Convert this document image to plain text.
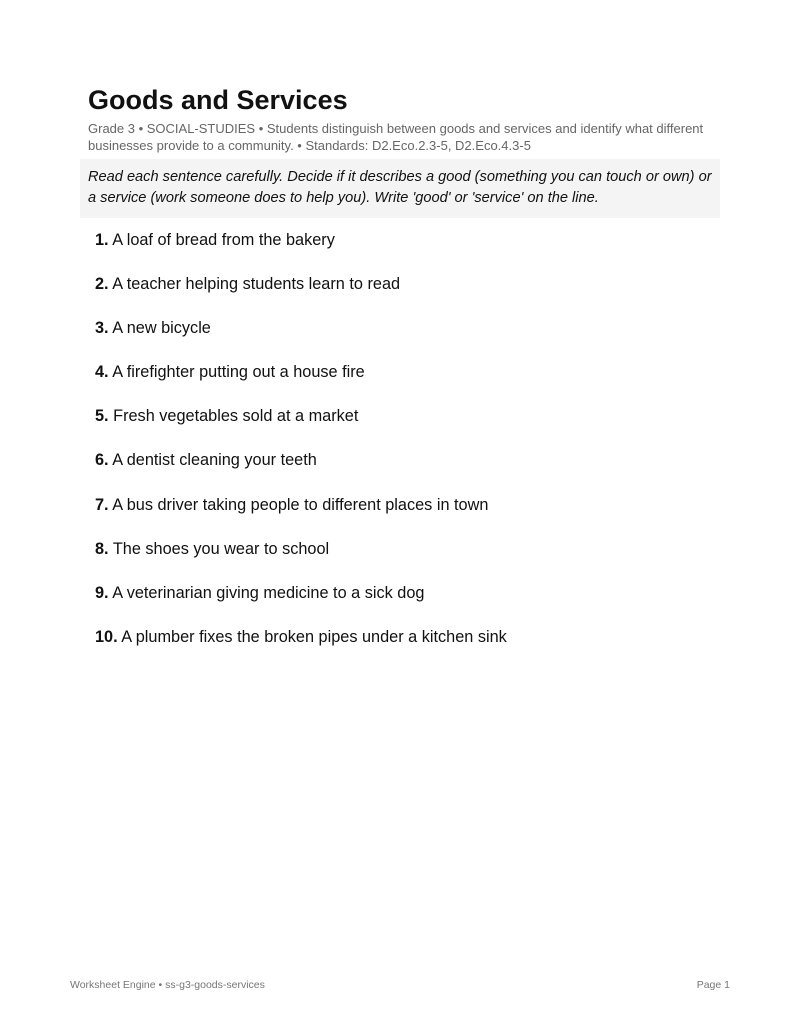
Goods and Services
Grade 3 • SOCIAL-STUDIES • Students distinguish between goods and services and identify what different businesses provide to a community. • Standards: D2.Eco.2.3-5, D2.Eco.4.3-5
Read each sentence carefully. Decide if it describes a good (something you can touch or own) or a service (work someone does to help you). Write 'good' or 'service' on the line.
1. A loaf of bread from the bakery
2. A teacher helping students learn to read
3. A new bicycle
4. A firefighter putting out a house fire
5. Fresh vegetables sold at a market
6. A dentist cleaning your teeth
7. A bus driver taking people to different places in town
8. The shoes you wear to school
9. A veterinarian giving medicine to a sick dog
10. A plumber fixes the broken pipes under a kitchen sink
Worksheet Engine • ss-g3-goods-services	Page 1
